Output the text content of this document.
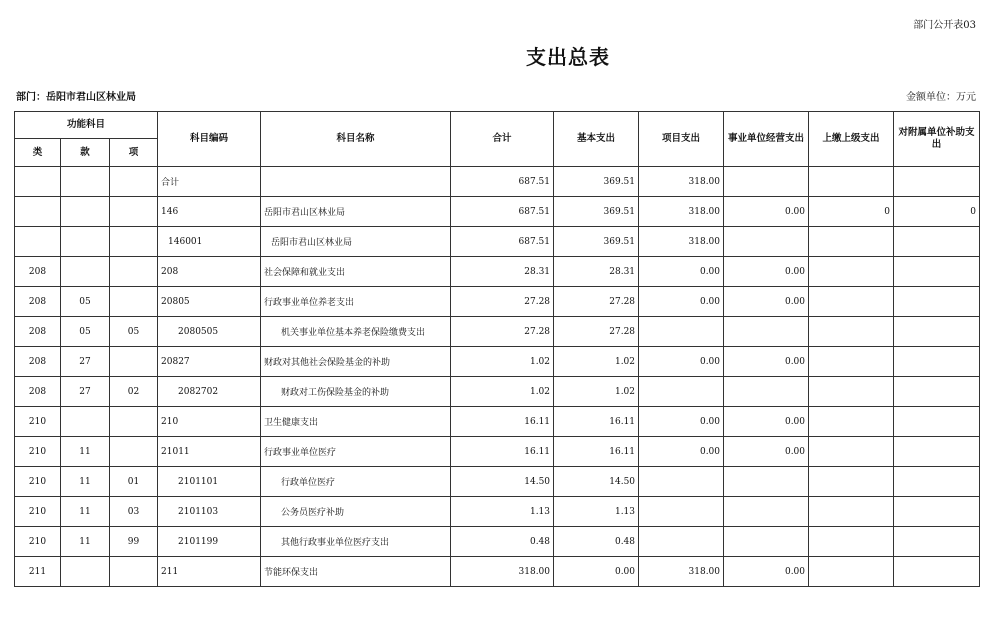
部门公开表03
支出总表
部门：岳阳市君山区林业局	金额单位：万元
功能科目			科目编码	科目名称	合计	基本支出	项目支出	事业单位经营支出	上缴上级支出	对附属单位补助支出
类	款	项								
			合计		687.51	369.51	318.00			
			146	岳阳市君山区林业局	687.51	369.51	318.00	0.00	0	0
			146001	岳阳市君山区林业局	687.51	369.51	318.00			
208			208	社会保障和就业支出	28.31	28.31	0.00	0.00		
208	05		20805	行政事业单位养老支出	27.28	27.28	0.00	0.00		
208	05	05	2080505	机关事业单位基本养老保险缴费支出	27.28	27.28				
208	27		20827	财政对其他社会保险基金的补助	1.02	1.02	0.00	0.00		
208	27	02	2082702	财政对工伤保险基金的补助	1.02	1.02				
210			210	卫生健康支出	16.11	16.11	0.00	0.00		
210	11		21011	行政事业单位医疗	16.11	16.11	0.00	0.00		
210	11	01	2101101	行政单位医疗	14.50	14.50				
210	11	03	2101103	公务员医疗补助	1.13	1.13				
210	11	99	2101199	其他行政事业单位医疗支出	0.48	0.48				
211			211	节能环保支出	318.00	0.00	318.00	0.00		
